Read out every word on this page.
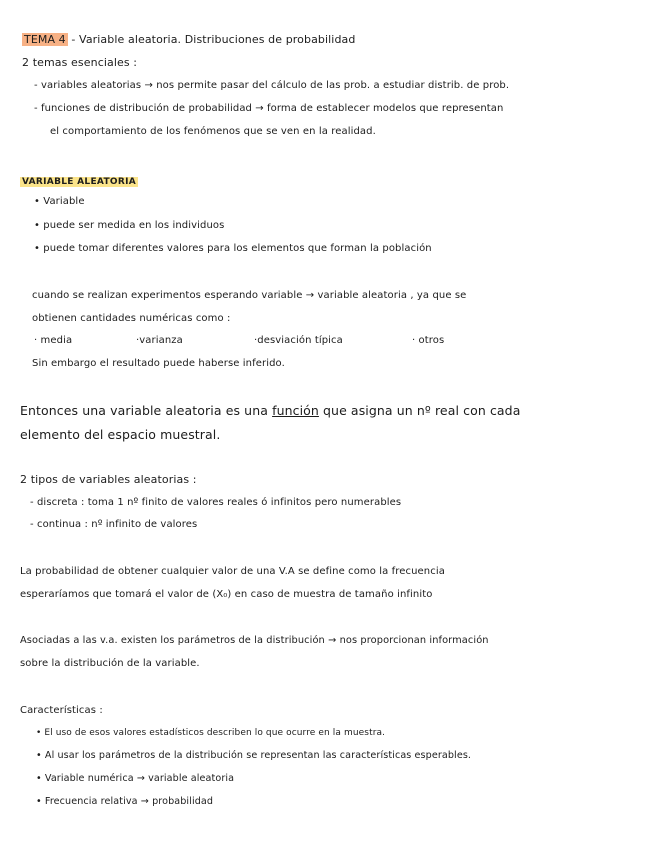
TEMA 4 - Variable aleatoria. Distribuciones de probabilidad
2 temas esenciales :
- variables aleatorias → nos permite pasar del cálculo de las prob. a estudiar distrib. de prob.
- funciones de distribución de probabilidad → forma de establecer modelos que representan
el comportamiento de los fenómenos que se ven en la realidad.
VARIABLE ALEATORIA
• Variable
• puede ser medida en los individuos
• puede tomar diferentes valores para los elementos que forman la población
cuando se realizan experimentos esperando variable → variable aleatoria , ya que se
obtienen cantidades numéricas como :
· media	·varianza	·desviación típica	· otros
Sin embargo el resultado puede haberse inferido.
Entonces una variable aleatoria es una función que asigna un nº real con cada
elemento del espacio muestral.
2 tipos de variables aleatorias :
- discreta : toma 1 nº finito de valores reales ó infinitos pero numerables
- continua : nº infinito de valores
La probabilidad de obtener cualquier valor de una V.A se define como la frecuencia
esperaríamos que tomará el valor de (X₀) en caso de muestra de tamaño infinito
Asociadas a las v.a. existen los parámetros de la distribución → nos proporcionan información
sobre la distribución de la variable.
Características :
• El uso de esos valores estadísticos describen lo que ocurre en la muestra.
• Al usar los parámetros de la distribución se representan las características esperables.
• Variable numérica → variable aleatoria
• Frecuencia relativa → probabilidad
